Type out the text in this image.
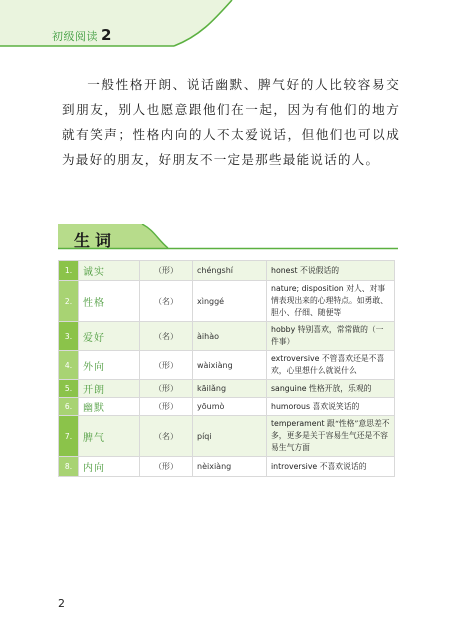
初级阅读 2

一般性格开朗、说话幽默、脾气好的人比较容易交到朋友，别人也愿意跟他们在一起，因为有他们的地方就有笑声；性格内向的人不太爱说话，但他们也可以成为最好的朋友，好朋友不一定是那些最能说话的人。

生词
1.	诚实	（形）	chéngshí	honest 不说假话的
2.	性格	（名）	xìnggé	nature; disposition 对人、对事情表现出来的心理特点。如勇敢、胆小、仔细、随便等
3.	爱好	（名）	àihào	hobby 特别喜欢，常常做的（一件事）
4.	外向	（形）	wàixiàng	extroversive 不管喜欢还是不喜欢，心里想什么就说什么
5.	开朗	（形）	kāilǎng	sanguine 性格开放，乐观的
6.	幽默	（形）	yōumò	humorous 喜欢说笑话的
7.	脾气	（名）	píqi	temperament 跟“性格”意思差不多，更多是关于容易生气还是不容易生气方面
8.	内向	（形）	nèixiàng	introversive 不喜欢说话的
2
